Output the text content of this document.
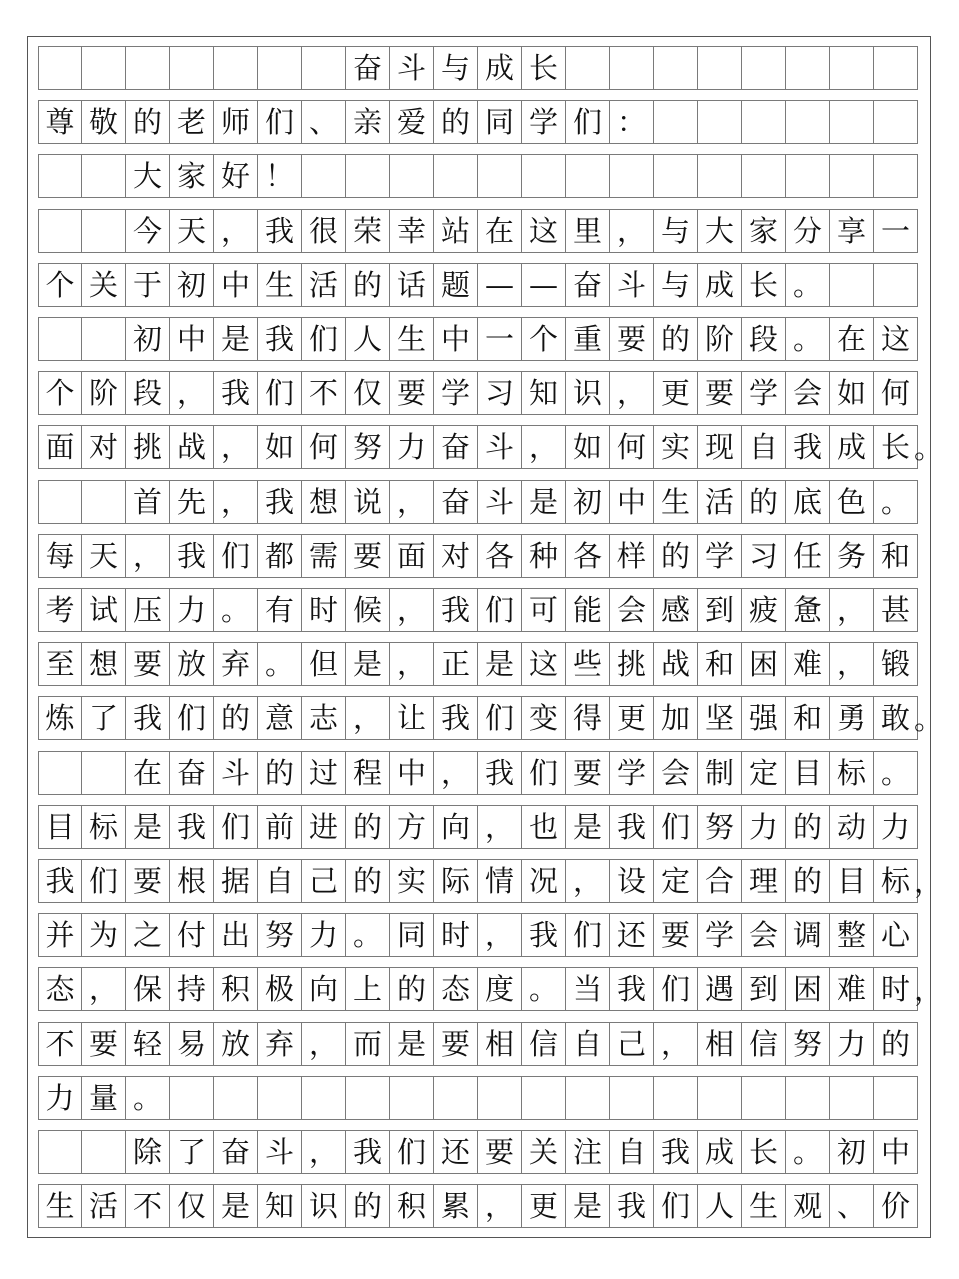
奋 斗 与 成 长
尊 敬 的 老 师 们 、 亲 爱 的 同 学 们 ：
大 家 好 ！
今 天 ， 我 很 荣 幸 站 在 这 里 ， 与 大 家 分 享 一
个 关 于 初 中 生 活 的 话 题 — — 奋 斗 与 成 长 。
初 中 是 我 们 人 生 中 一 个 重 要 的 阶 段 。 在 这
个 阶 段 ， 我 们 不 仅 要 学 习 知 识 ， 更 要 学 会 如 何
面 对 挑 战 ， 如 何 努 力 奋 斗 ， 如 何 实 现 自 我 成 长 。
首 先 ， 我 想 说 ， 奋 斗 是 初 中 生 活 的 底 色 。
每 天 ， 我 们 都 需 要 面 对 各 种 各 样 的 学 习 任 务 和
考 试 压 力 。 有 时 候 ， 我 们 可 能 会 感 到 疲 惫 ， 甚
至 想 要 放 弃 。 但 是 ， 正 是 这 些 挑 战 和 困 难 ， 锻
炼 了 我 们 的 意 志 ， 让 我 们 变 得 更 加 坚 强 和 勇 敢 。
在 奋 斗 的 过 程 中 ， 我 们 要 学 会 制 定 目 标 。
目 标 是 我 们 前 进 的 方 向 ， 也 是 我 们 努 力 的 动 力
我 们 要 根 据 自 己 的 实 际 情 况 ， 设 定 合 理 的 目 标 ，
并 为 之 付 出 努 力 。 同 时 ， 我 们 还 要 学 会 调 整 心
态 ， 保 持 积 极 向 上 的 态 度 。 当 我 们 遇 到 困 难 时 ，
不 要 轻 易 放 弃 ， 而 是 要 相 信 自 己 ， 相 信 努 力 的
力 量 。
除 了 奋 斗 ， 我 们 还 要 关 注 自 我 成 长 。 初 中
生 活 不 仅 是 知 识 的 积 累 ， 更 是 我 们 人 生 观 、 价
